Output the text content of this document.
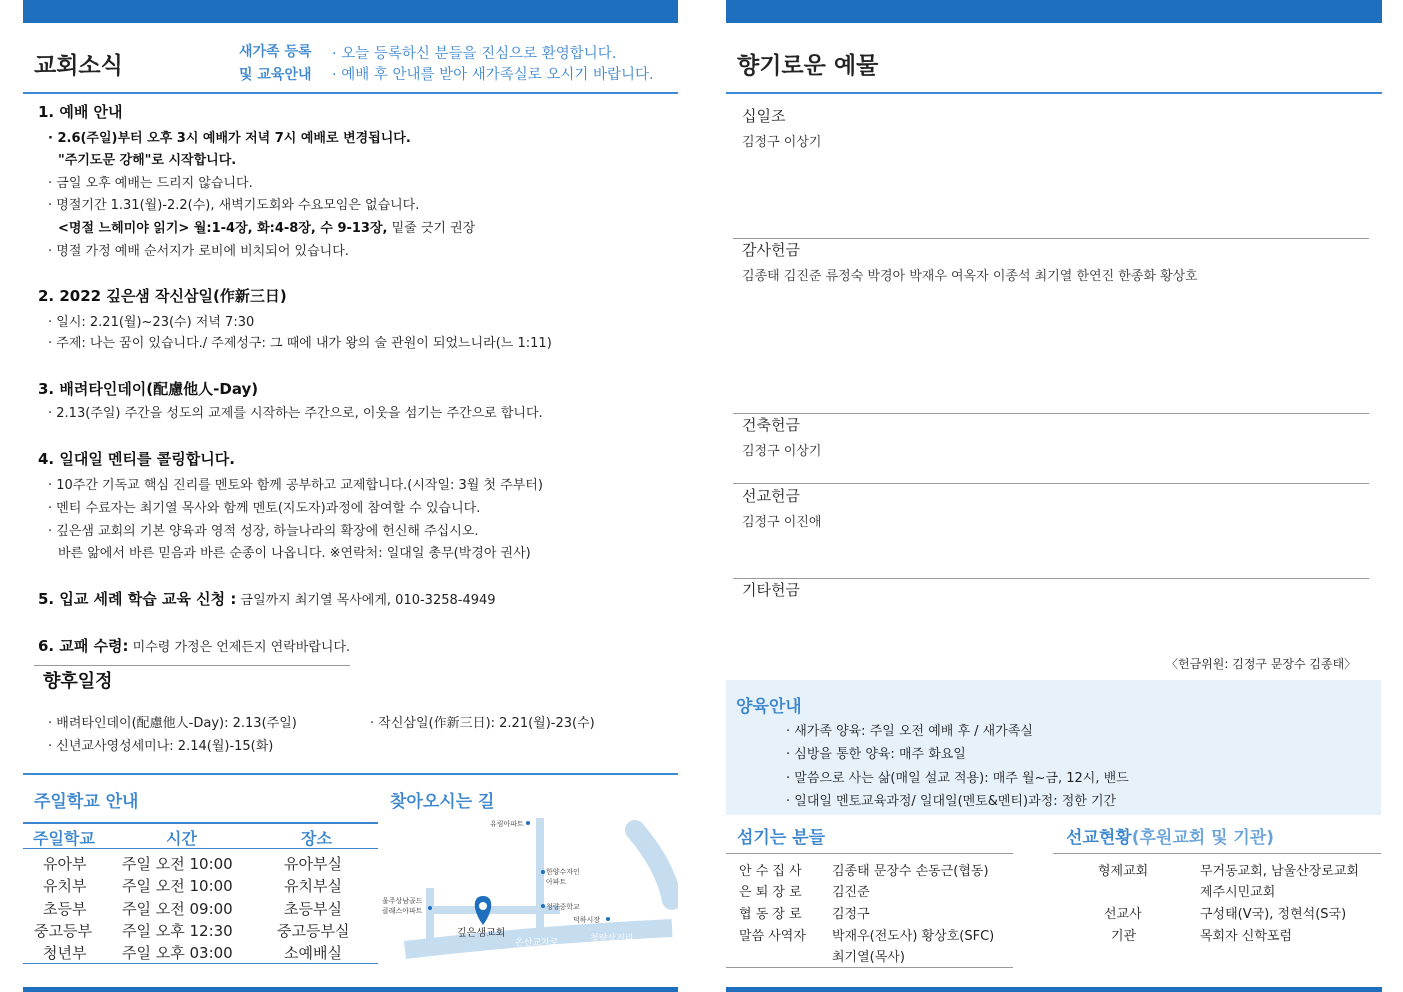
교회소식
새가족 등록
및 교육안내
· 오늘 등록하신 분들을 진심으로 환영합니다.
· 예배 후 안내를 받아 새가족실로 오시기 바랍니다.
1. 예배 안내
· 2.6(주일)부터 오후 3시 예배가 저녁 7시 예배로 변경됩니다.
"주기도문 강해"로 시작합니다.
· 금일 오후 예배는 드리지 않습니다.
· 명절기간 1.31(월)-2.2(수), 새벽기도회와 수요모임은 없습니다.
<명절 느헤미야 읽기> 월:1-4장, 화:4-8장, 수 9-13장, 밑줄 긋기 권장
· 명절 가정 예배 순서지가 로비에 비치되어 있습니다.
2. 2022 깊은샘 작신삼일(作新三日)
· 일시: 2.21(월)~23(수) 저녁 7:30
· 주제: 나는 꿈이 있습니다./ 주제성구: 그 때에 내가 왕의 술 관원이 되었느니라(느 1:11)
3. 배려타인데이(配慮他人-Day)
· 2.13(주일) 주간을 성도의 교제를 시작하는 주간으로, 이웃을 섬기는 주간으로 합니다.
4. 일대일 멘티를 콜링합니다.
· 10주간 기독교 핵심 진리를 멘토와 함께 공부하고 교제합니다.(시작일: 3월 첫 주부터)
· 멘티 수료자는 최기열 목사와 함께 멘토(지도자)과정에 참여할 수 있습니다.
· 깊은샘 교회의 기본 양육과 영적 성장, 하늘나라의 확장에 헌신해 주십시오.
바른 앎에서 바른 믿음과 바른 순종이 나옵니다. ※연락처: 일대일 총무(박경아 권사)
5. 입교 세례 학습 교육 신청 : 금일까지 최기열 목사에게, 010-3258-4949
6. 교패 수령: 미수령 가정은 언제든지 연락바랍니다.
향후일정
· 배려타인데이(配慮他人-Day): 2.13(주일)	· 작신삼일(作新三日): 2.21(월)-23(수)
· 신년교사영성세미나: 2.14(월)-15(화)
주일학교 안내
주일학교	시간	장소
유아부 주일 오전 10:00	유아부실
유치부 주일 오전 10:00	유치부실
초등부 주일 오전 09:00	초등부실
중고등부 주일 오후 12:30	중고등부실
청년부 주일 오후 03:00	소예배실
찾아오시는 길
유림아파트
한양수자인
아파트
울주상남골드
클래스아파트	청량중학교
덕하시장
깊은샘교회
온산교차로	청량삼거리
향기로운 예물
십일조
김정구 이상기
감사헌금
김종태 김진준 류정숙 박경아 박재우 여옥자 이종석 최기열 한연진 한종화 황상호
건축헌금
김정구 이상기
선교헌금
김정구 이진애
기타헌금
〈헌금위원: 김정구 문장수 김종태〉
양육안내
· 새가족 양육: 주일 오전 예배 후 / 새가족실
· 심방을 통한 양육: 매주 화요일
· 말씀으로 사는 삶(매일 설교 적용): 매주 월~금, 12시, 밴드
· 일대일 멘토교육과정/ 일대일(멘토&멘티)과정: 정한 기간
섬기는 분들
안 수 집 사 김종태 문장수 손동근(협동)
은 퇴 장 로 김진준
협 동 장 로 김정구
말씀 사역자 박재우(전도사) 황상호(SFC)
최기열(목사)
선교현황(후원교회 및 기관)
형제교회	무거동교회, 남울산장로교회
제주시민교회
선교사	구성태(V국), 정현석(S국)
기관	목회자 신학포럼
